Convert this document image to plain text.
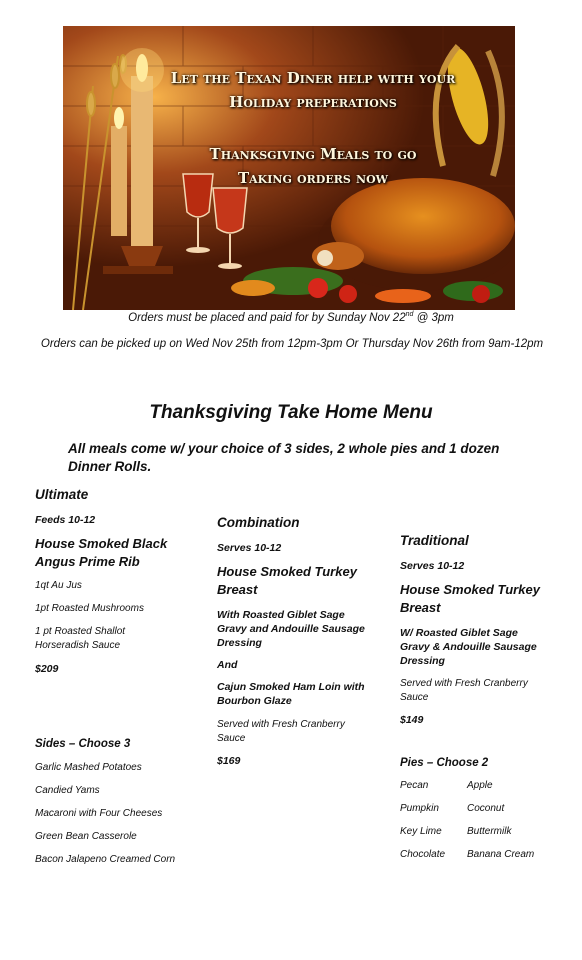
Let the Texan Diner help with your
Holiday preperations
Thanksgiving Meals to go
Taking orders now
Orders must be placed and paid for by Sunday Nov 22nd @ 3pm
Orders can be picked up on Wed Nov 25th from 12pm-3pm Or Thursday Nov 26th from 9am-12pm
Thanksgiving Take Home Menu
All meals come w/ your choice of 3 sides, 2 whole pies and 1 dozen Dinner Rolls.
Ultimate
Feeds 10-12
House Smoked Black Angus Prime Rib
1qt Au Jus
1pt Roasted Mushrooms
1 pt Roasted Shallot Horseradish Sauce
$209
Sides – Choose 3
Garlic Mashed Potatoes
Candied Yams
Macaroni with Four Cheeses
Green Bean Casserole
Bacon Jalapeno Creamed Corn
Combination
Serves 10-12
House Smoked Turkey Breast
With Roasted Giblet Sage Gravy and Andouille Sausage Dressing
And
Cajun Smoked Ham Loin with Bourbon Glaze
Served with Fresh Cranberry Sauce
$169
Traditional
Serves 10-12
House Smoked Turkey Breast
W/ Roasted Giblet Sage Gravy & Andouille Sausage Dressing
Served with Fresh Cranberry Sauce
$149
Pies – Choose 2
Pecan	Apple
Pumpkin	Coconut
Key Lime	Buttermilk
Chocolate	Banana Cream
